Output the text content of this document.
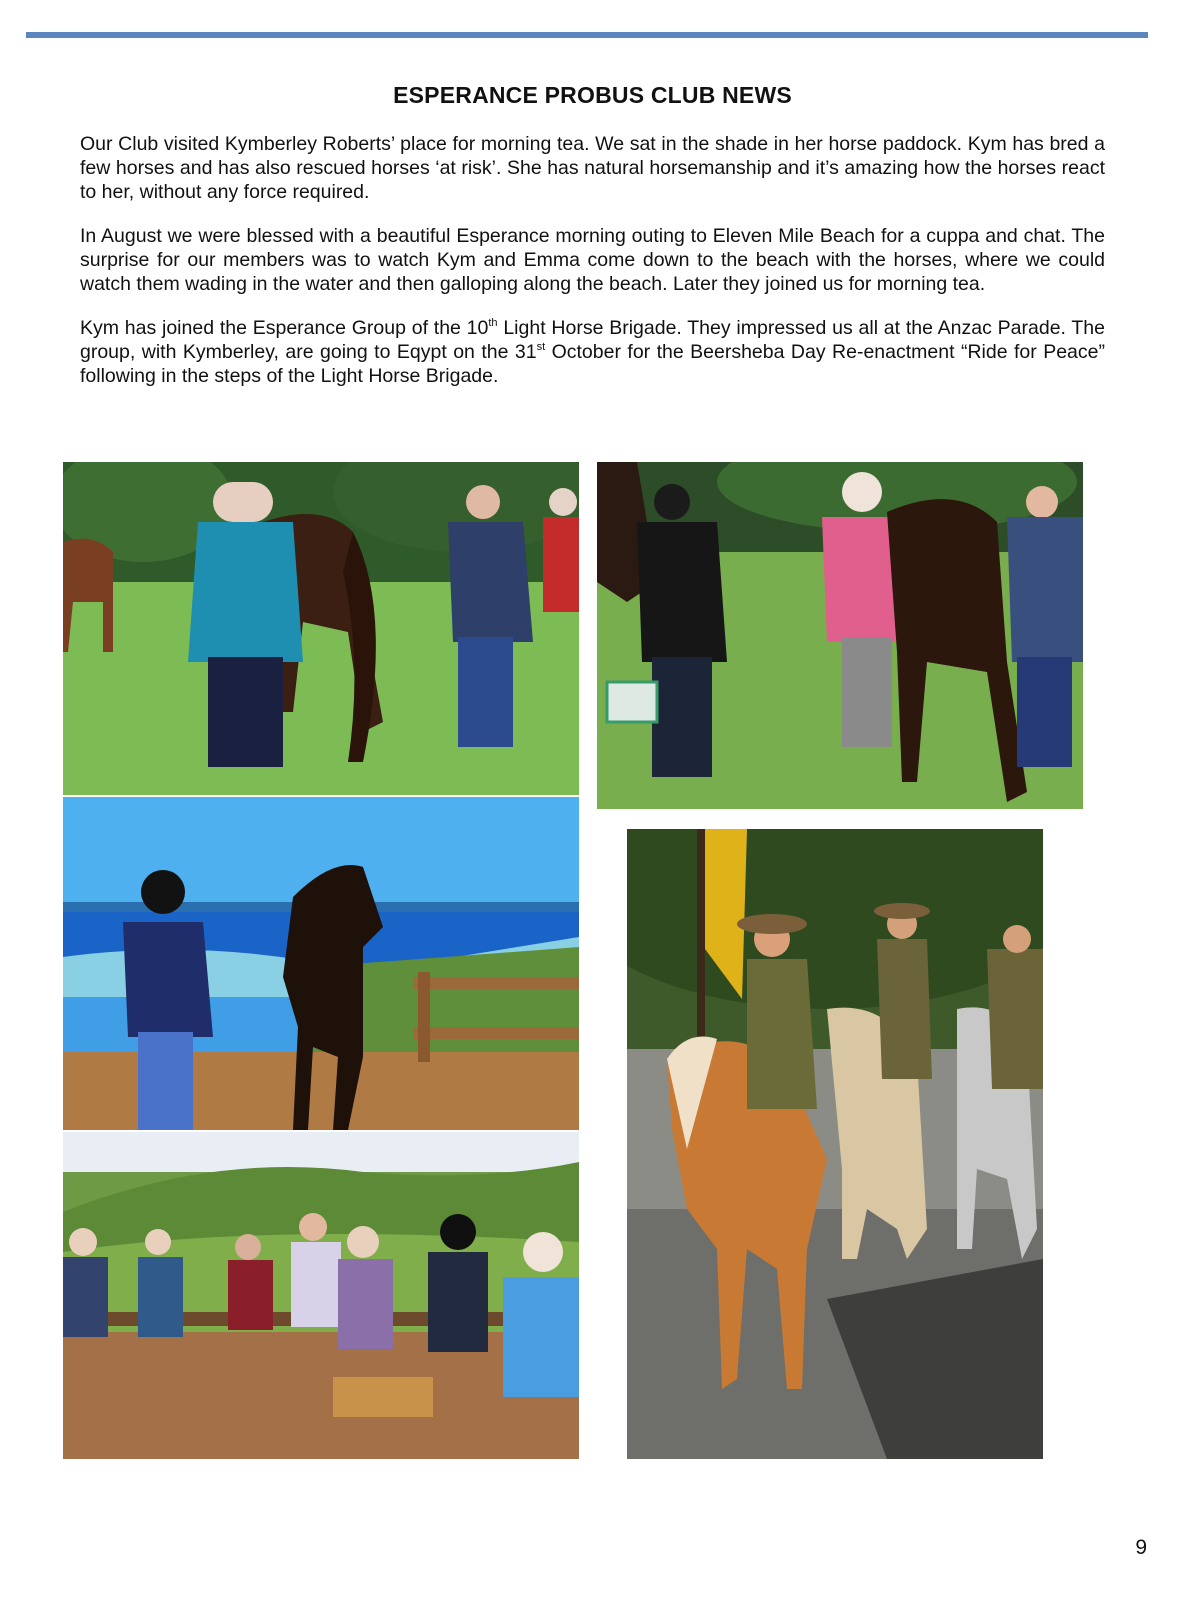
ESPERANCE PROBUS CLUB NEWS

Our Club visited Kymberley Roberts’ place for morning tea. We sat in the shade in her horse paddock. Kym has bred a few horses and has also rescued horses ‘at risk’. She has natural horsemanship and it’s amazing how the horses react to her, without any force required.

In August we were blessed with a beautiful Esperance morning outing to Eleven Mile Beach for a cuppa and chat. The surprise for our members was to watch Kym and Emma come down to the beach with the horses, where we could watch them wading in the water and then galloping along the beach. Later they joined us for morning tea.

Kym has joined the Esperance Group of the 10th Light Horse Brigade. They impressed us all at the Anzac Parade. The group, with Kymberley, are going to Eqypt on the 31st October for the Beersheba Day Re-enactment “Ride for Peace” following in the steps of the Light Horse Brigade.

9
